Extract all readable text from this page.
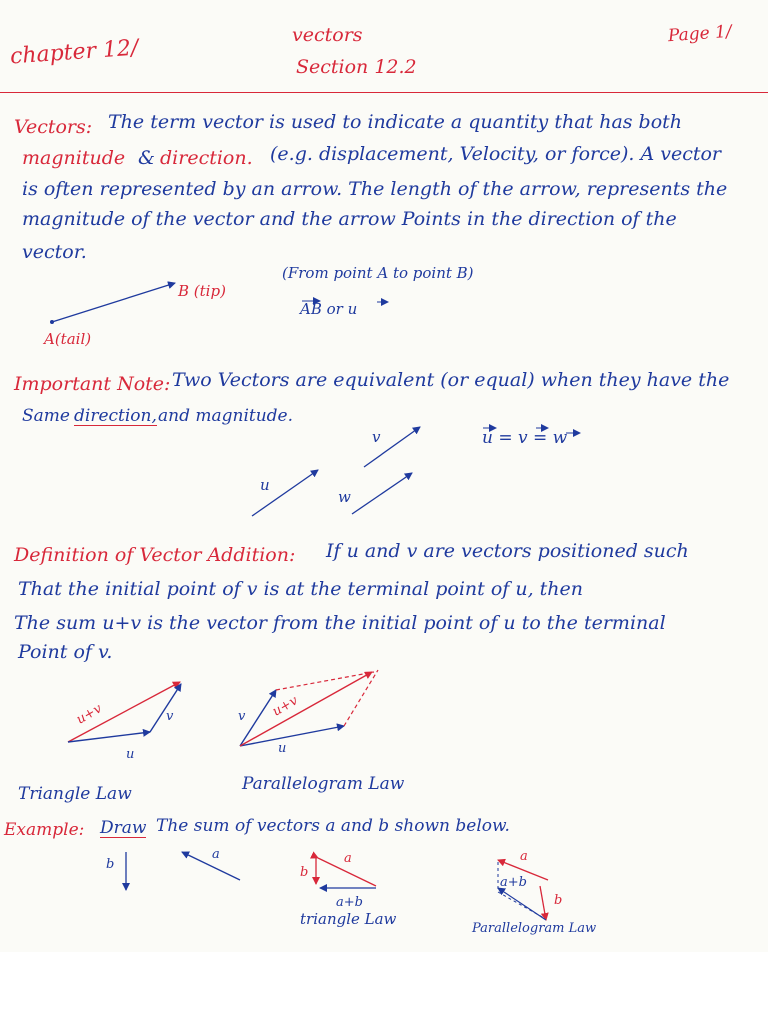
chapter 12/
vectors
Section 12.2
Page 1/
Vectors: The term vector is used to indicate a quantity that has both
magnitude & direction. (e.g. displacement, Velocity, or force). A vector
is often represented by an arrow. The length of the arrow, represents the
magnitude of the vector and the arrow Points in the direction of the
vector.
B (tip)
A(tail)
(From point A to point B)
AB or u
Important Note: Two Vectors are equivalent (or equal) when they have the
Same direction, and magnitude.
u = v = w
v
u
w
Definition of Vector Addition: If u and v are vectors positioned such
That the initial point of v is at the terminal point of u, then
The sum u+v is the vector from the initial point of u to the terminal
Point of v.
u+v	v
u
v u+v
u
Triangle Law	Parallelogram Law
Example: Draw The sum of vectors a and b shown below.
b
a	a
b
a+b
triangle Law
a
a+b
b
Parallelogram Law
